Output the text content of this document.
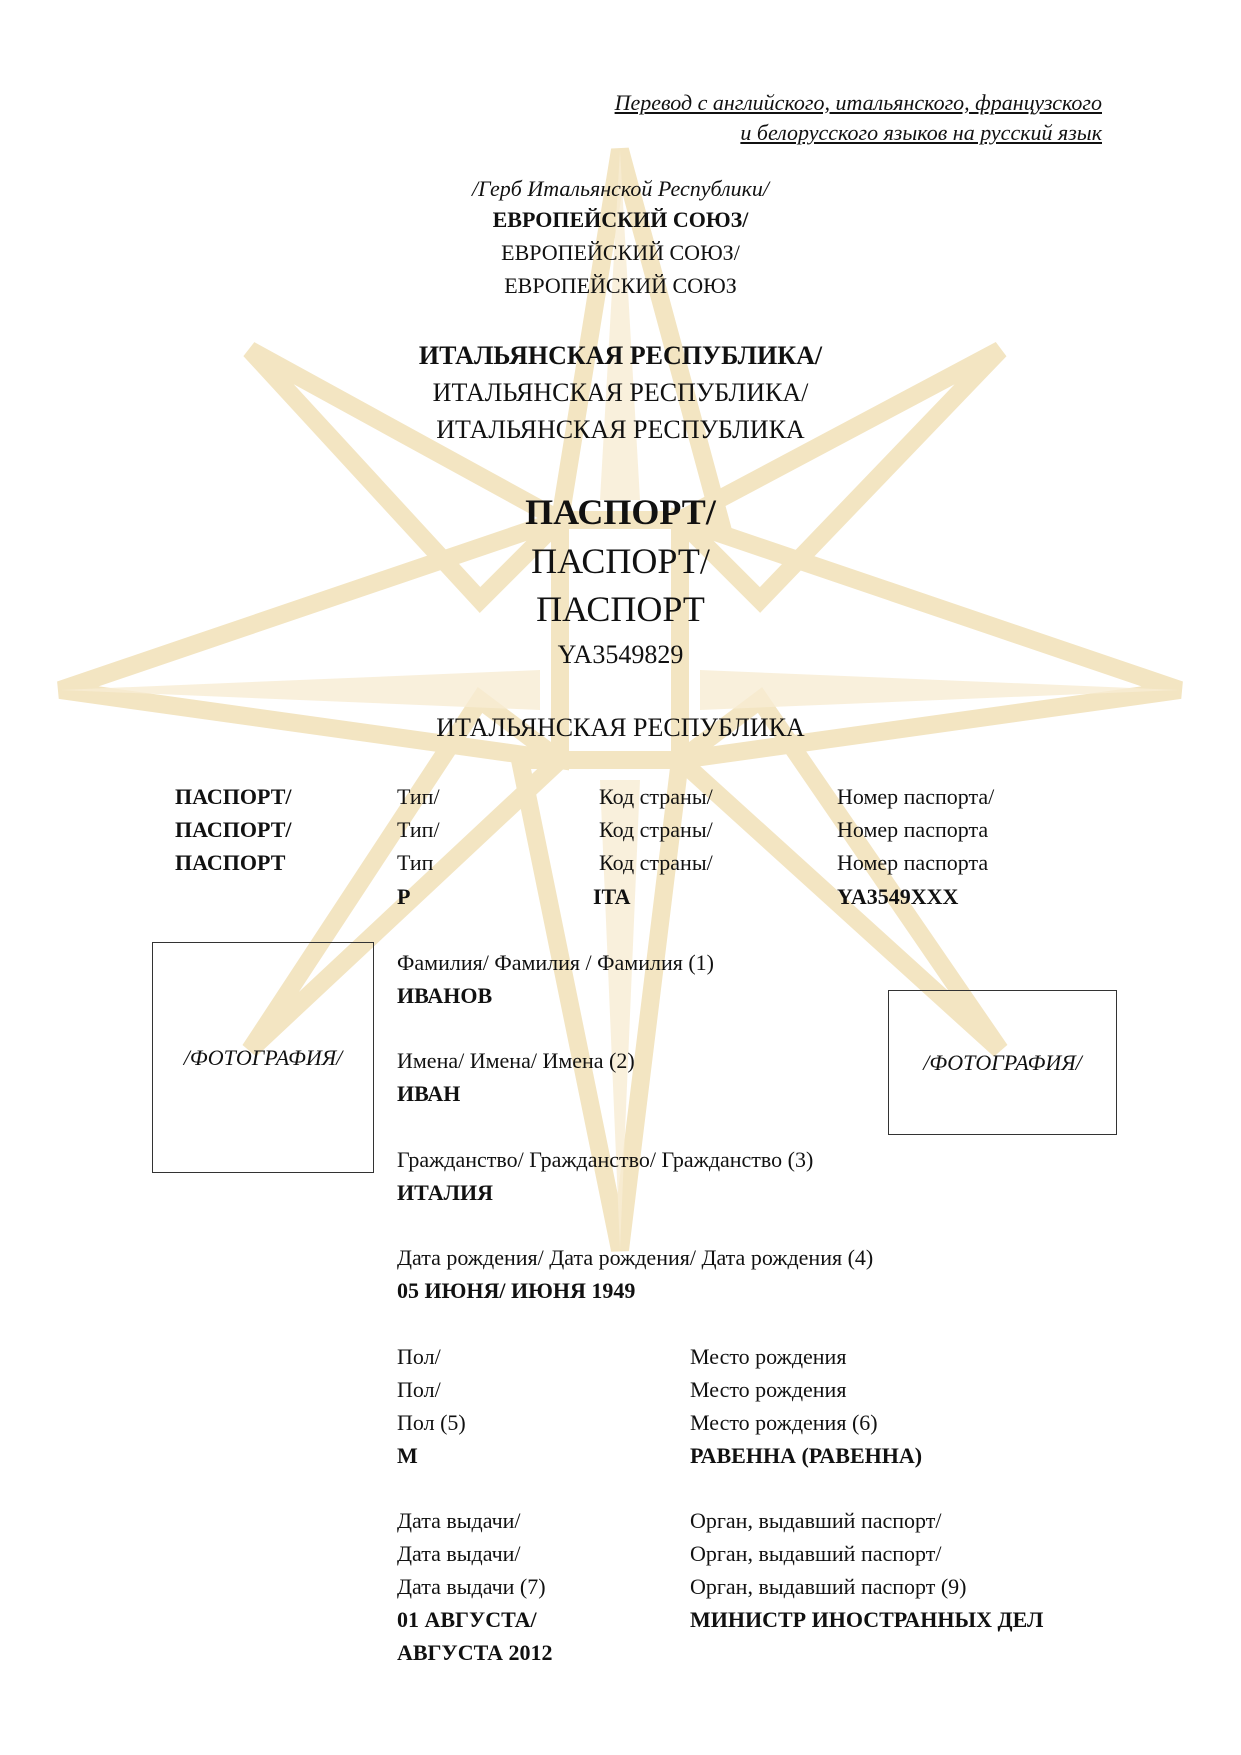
Перевод с английского, итальянского, французского
и белорусского языков на русский язык
/Герб Итальянской Республики/
ЕВРОПЕЙСКИЙ СОЮЗ/
ЕВРОПЕЙСКИЙ СОЮЗ/
ЕВРОПЕЙСКИЙ СОЮЗ
ИТАЛЬЯНСКАЯ РЕСПУБЛИКА/
ИТАЛЬЯНСКАЯ РЕСПУБЛИКА/
ИТАЛЬЯНСКАЯ РЕСПУБЛИКА
ПАСПОРТ/
ПАСПОРТ/
ПАСПОРТ
YA3549829
ИТАЛЬЯНСКАЯ РЕСПУБЛИКА
ПАСПОРТ/
ПАСПОРТ/
ПАСПОРТ
Тип/
Тип/
Тип
P
Код страны/
Код страны/
Код страны/
ITA
Номер паспорта/
Номер паспорта
Номер паспорта
YA3549XXX
/ФОТОГРАФИЯ/	/ФОТОГРАФИЯ/
Фамилия/ Фамилия / Фамилия (1)
ИВАНОВ
Имена/ Имена/ Имена (2)
ИВАН
Гражданство/ Гражданство/ Гражданство (3)
ИТАЛИЯ
Дата рождения/ Дата рождения/ Дата рождения (4)
05 ИЮНЯ/ ИЮНЯ 1949
Пол/
Пол/
Пол (5)
M
Место рождения
Место рождения
Место рождения (6)
РАВЕННА (РАВЕННА)
Дата выдачи/
Дата выдачи/
Дата выдачи (7)
01 АВГУСТА/
АВГУСТА 2012
Орган, выдавший паспорт/
Орган, выдавший паспорт/
Орган, выдавший паспорт (9)
МИНИСТР ИНОСТРАННЫХ ДЕЛ
